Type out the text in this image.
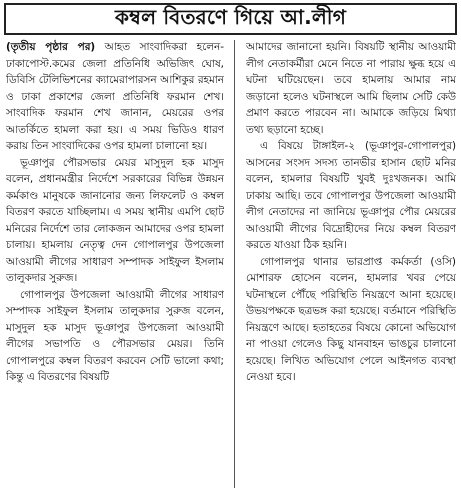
কম্বল বিতরণে গিয়ে আ.লীগ

(তৃতীয় পৃষ্ঠার পর) আহত সাংবাদিকরা হলেন- ঢাকাপোস্ট.কমের জেলা প্রতিনিধি অভিজিৎ ঘোষ, ডিবিসি টেলিভিশনের ক্যামেরাপারসন আশিকুর রহমান ও ঢাকা প্রকাশের জেলা প্রতিনিধি ফরমান শেখ। সাংবাদিক ফরমান শেখ জানান, মেয়রের ওপর আতর্কিতে হামলা করা হয়। এ সময় ভিডিও ধারণ করায় তিন সাংবাদিকের ওপর হামলা চালানো হয়।

ভূঞাপুর পৌরসভার মেয়র মাসুদুল হক মাসুদ বলেন, প্রধানমন্ত্রীর নির্দেশে সরকারের বিভিন্ন উন্নয়ন কর্মকাণ্ড মানুষকে জানানোর জন্য লিফলেট ও কম্বল বিতরণ করতে যাচ্ছিলাম। এ সময় স্থানীয় এমপি ছোট মনিরের নির্দেশে তার লোকজন আমাদের ওপর হামলা চালায়। হামলায় নেতৃত্ব দেন গোপালপুর উপজেলা আওয়ামী লীগের সাধারণ সম্পাদক সাইফুল ইসলাম তালুকদার সুরুজ।

গোপালপুর উপজেলা আওয়ামী লীগের সাধারণ সম্পাদক সাইফুল ইসলাম তালুকদার সুরুজ বলেন, মাসুদুল হক মাসুদ ভূঞাপুর উপজেলা আওয়ামী লীগের সভাপতি ও পৌরসভার মেয়র। তিনি গোপালপুরে কম্বল বিতরণ করবেন সেটি ভালো কথা; কিন্তু এ বিতরণের বিষয়টি

আমাদের জানানো হয়নি। বিষয়টি স্থানীয় আওয়ামী লীগ নেতাকর্মীরা মেনে নিতে না পারায় ক্ষুব্ধ হয়ে এ ঘটনা ঘটিয়েছেন। তবে হামলায় আমার নাম জড়ানো হলেও ঘটনাস্থলে আমি ছিলাম সেটি কেউ প্রমাণ করতে পারবেন না। আমাকে জড়িয়ে মিথ্যা তথ্য ছড়ানো হচ্ছে।

এ বিষয়ে টাঙ্গাইল-২ (ভূঞাপুর-গোপালপুর) আসনের সংসদ সদস্য তানভীর হাসান ছোট মনির বলেন, হামলার বিষয়টি খুবই দুঃখজনক। আমি ঢাকায় আছি। তবে গোপালপুর উপজেলা আওয়ামী লীগ নেতাদের না জানিয়ে ভূঞাপুর পৌর মেয়রের আওয়ামী লীগের বিদ্রোহীদের নিয়ে কম্বল বিতরণ করতে যাওয়া ঠিক হয়নি।

গোপালপুর থানার ভারপ্রাপ্ত কর্মকর্তা (ওসি) মোশারফ হোসেন বলেন, হামলার খবর পেয়ে ঘটনাস্থলে পৌঁছে পরিস্থিতি নিয়ন্ত্রণে আনা হয়েছে। উভয়পক্ষকে ছত্রভঙ্গ করা হয়েছে। বর্তমানে পরিস্থিতি নিয়ন্ত্রণে আছে। হতাহতের বিষয়ে কোনো অভিযোগ না পাওয়া গেলেও কিছু যানবাহন ভাঙচুর চালানো হয়েছে। লিখিত অভিযোগ পেলে আইনগত ব্যবস্থা নেওয়া হবে।
